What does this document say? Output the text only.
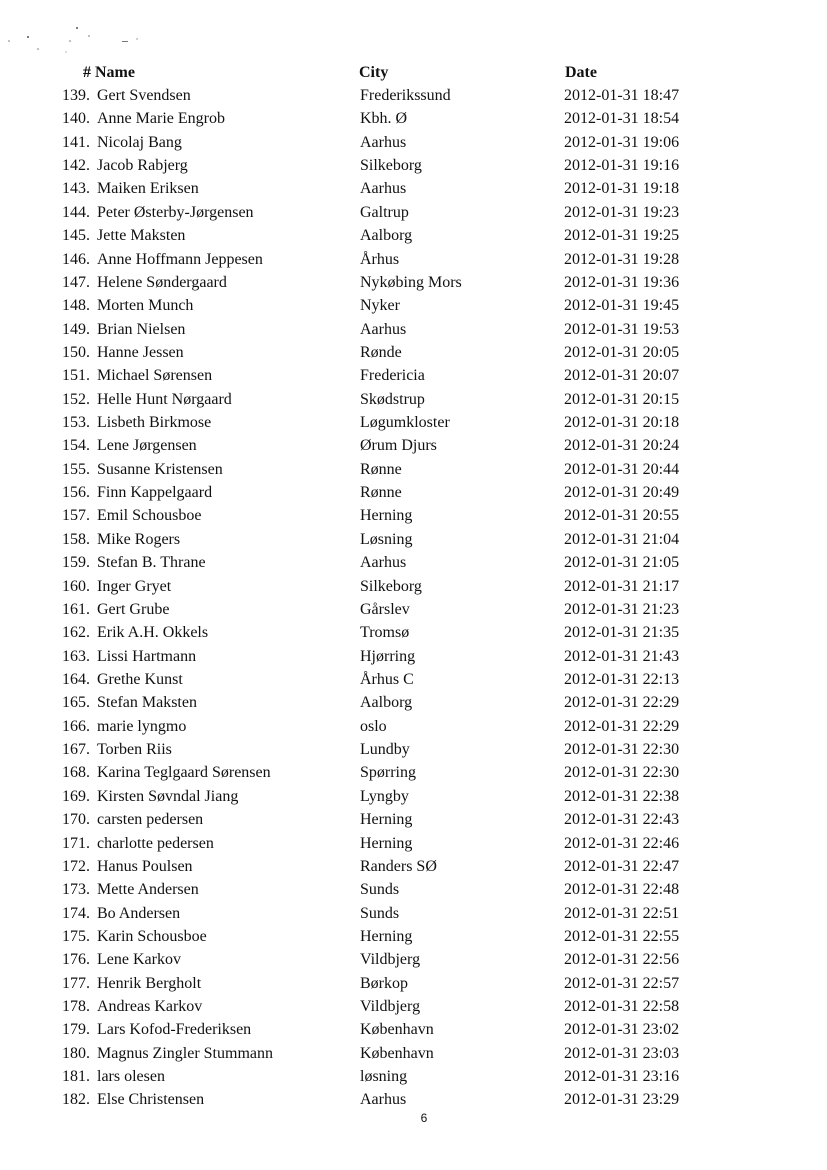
# Name	City	Date
139. Gert Svendsen	Frederikssund	2012-01-31 18:47
140. Anne Marie Engrob	Kbh. Ø	2012-01-31 18:54
141. Nicolaj Bang	Aarhus	2012-01-31 19:06
142. Jacob Rabjerg	Silkeborg	2012-01-31 19:16
143. Maiken Eriksen	Aarhus	2012-01-31 19:18
144. Peter Østerby-Jørgensen	Galtrup	2012-01-31 19:23
145. Jette Maksten	Aalborg	2012-01-31 19:25
146. Anne Hoffmann Jeppesen	Århus	2012-01-31 19:28
147. Helene Søndergaard	Nykøbing Mors	2012-01-31 19:36
148. Morten Munch	Nyker	2012-01-31 19:45
149. Brian Nielsen	Aarhus	2012-01-31 19:53
150. Hanne Jessen	Rønde	2012-01-31 20:05
151. Michael Sørensen	Fredericia	2012-01-31 20:07
152. Helle Hunt Nørgaard	Skødstrup	2012-01-31 20:15
153. Lisbeth Birkmose	Løgumkloster	2012-01-31 20:18
154. Lene Jørgensen	Ørum Djurs	2012-01-31 20:24
155. Susanne Kristensen	Rønne	2012-01-31 20:44
156. Finn Kappelgaard	Rønne	2012-01-31 20:49
157. Emil Schousboe	Herning	2012-01-31 20:55
158. Mike Rogers	Løsning	2012-01-31 21:04
159. Stefan B. Thrane	Aarhus	2012-01-31 21:05
160. Inger Gryet	Silkeborg	2012-01-31 21:17
161. Gert Grube	Gårslev	2012-01-31 21:23
162. Erik A.H. Okkels	Tromsø	2012-01-31 21:35
163. Lissi Hartmann	Hjørring	2012-01-31 21:43
164. Grethe Kunst	Århus C	2012-01-31 22:13
165. Stefan Maksten	Aalborg	2012-01-31 22:29
166. marie lyngmo	oslo	2012-01-31 22:29
167. Torben Riis	Lundby	2012-01-31 22:30
168. Karina Teglgaard Sørensen	Spørring	2012-01-31 22:30
169. Kirsten Søvndal Jiang	Lyngby	2012-01-31 22:38
170. carsten pedersen	Herning	2012-01-31 22:43
171. charlotte pedersen	Herning	2012-01-31 22:46
172. Hanus Poulsen	Randers SØ	2012-01-31 22:47
173. Mette Andersen	Sunds	2012-01-31 22:48
174. Bo Andersen	Sunds	2012-01-31 22:51
175. Karin Schousboe	Herning	2012-01-31 22:55
176. Lene Karkov	Vildbjerg	2012-01-31 22:56
177. Henrik Bergholt	Børkop	2012-01-31 22:57
178. Andreas Karkov	Vildbjerg	2012-01-31 22:58
179. Lars Kofod-Frederiksen	København	2012-01-31 23:02
180. Magnus Zingler Stummann	København	2012-01-31 23:03
181. lars olesen	løsning	2012-01-31 23:16
182. Else Christensen	Aarhus	2012-01-31 23:29
6
